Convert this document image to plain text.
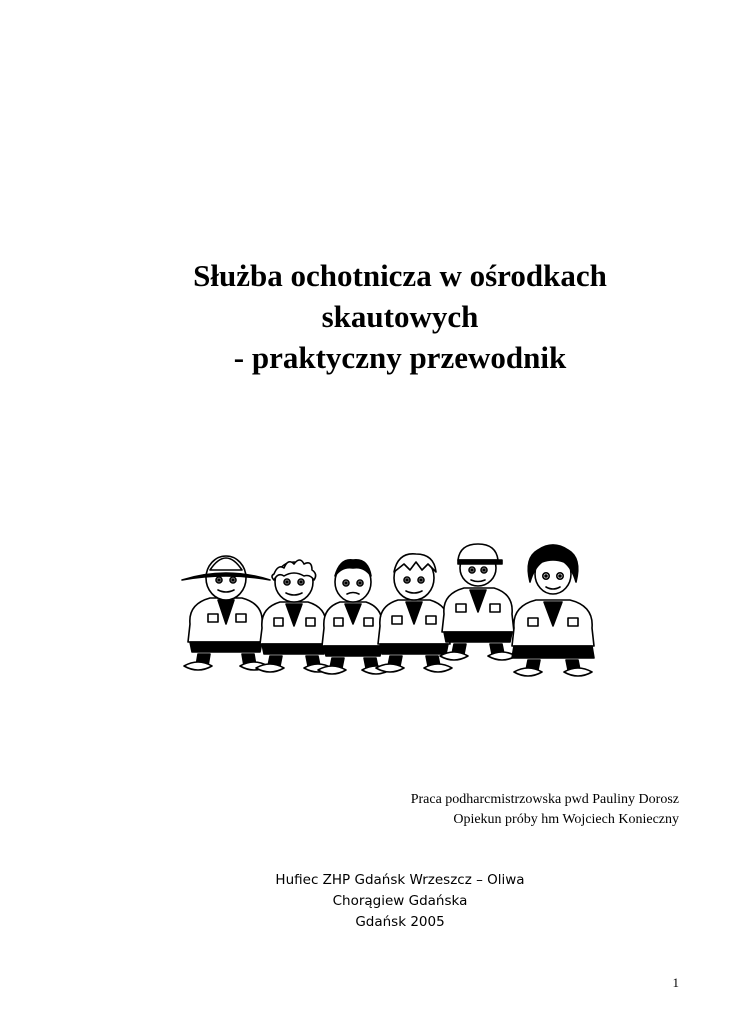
Służba ochotnicza w ośrodkach
skautowych
- praktyczny przewodnik
Praca podharcmistrzowska pwd Pauliny Dorosz
Opiekun próby hm Wojciech Konieczny
Hufiec ZHP Gdańsk Wrzeszcz – Oliwa
Chorągiew Gdańska
Gdańsk 2005
1
